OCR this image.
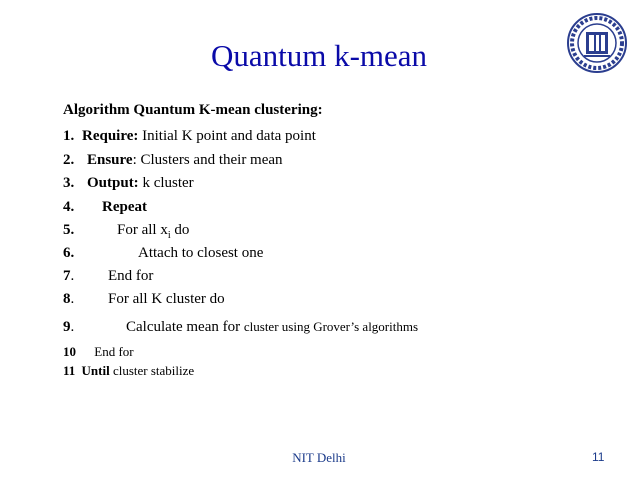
Quantum k-mean
Algorithm Quantum K-mean clustering:
1. Require: Initial K point and data point
2. Ensure: Clusters and their mean
3. Output: k cluster
4. Repeat
5.	For all $x_i$ do
6.	Attach to closest one
7. End for
8. For all K cluster do
9.	Calculate mean for cluster using Grover’s algorithms
10 End for
11 Until cluster stabilize
NIT Delhi	11
